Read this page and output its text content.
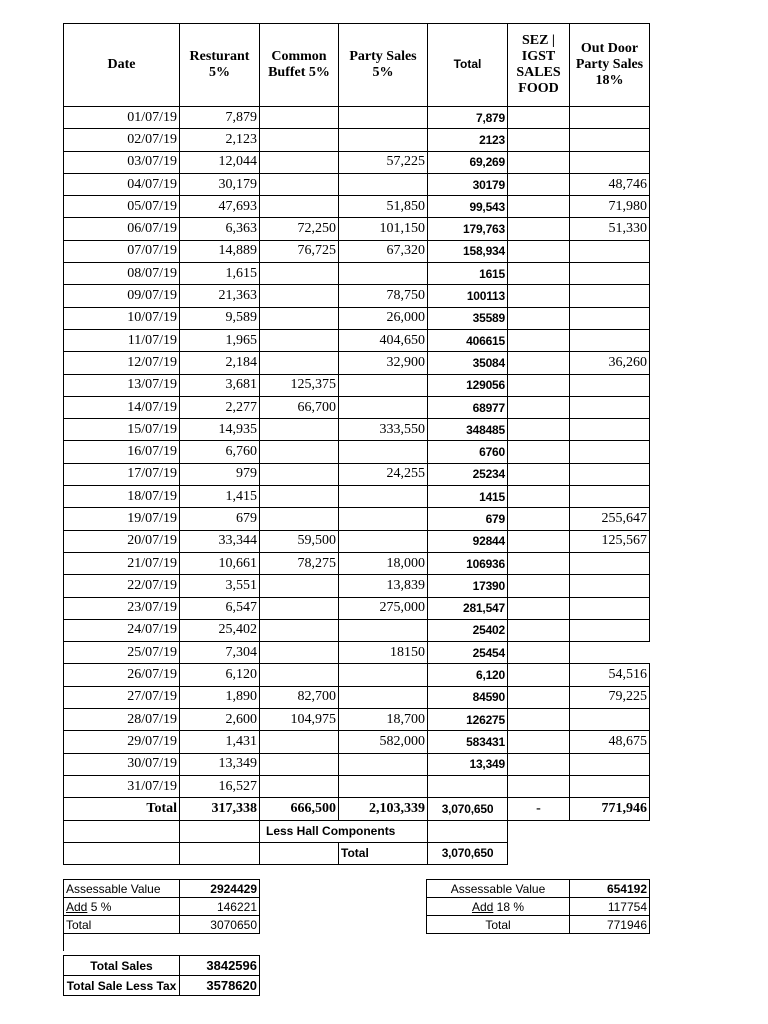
Date	Resturant 5%	Common Buffet 5%	Party Sales 5%	Total	SEZ | IGST SALES FOOD	Out Door Party Sales 18%
01/07/19	7,879			7,879		
02/07/19	2,123			2123		
03/07/19	12,044		57,225	69,269		
04/07/19	30,179			30179		48,746
05/07/19	47,693		51,850	99,543		71,980
06/07/19	6,363	72,250	101,150	179,763		51,330
07/07/19	14,889	76,725	67,320	158,934		
08/07/19	1,615			1615		
09/07/19	21,363		78,750	100113		
10/07/19	9,589		26,000	35589		
11/07/19	1,965		404,650	406615		
12/07/19	2,184		32,900	35084		36,260
13/07/19	3,681	125,375		129056		
14/07/19	2,277	66,700		68977		
15/07/19	14,935		333,550	348485		
16/07/19	6,760			6760		
17/07/19	979		24,255	25234		
18/07/19	1,415			1415		
19/07/19	679			679		255,647
20/07/19	33,344	59,500		92844		125,567
21/07/19	10,661	78,275	18,000	106936		
22/07/19	3,551		13,839	17390		
23/07/19	6,547		275,000	281,547		
24/07/19	25,402			25402		
25/07/19	7,304		18150	25454		
26/07/19	6,120			6,120		54,516
27/07/19	1,890	82,700		84590		79,225
28/07/19	2,600	104,975	18,700	126275		
29/07/19	1,431		582,000	583431		48,675
30/07/19	13,349			13,349		
31/07/19	16,527					
Total	317,338	666,500	2,103,339	3,070,650	-	771,946
		Less Hall Components				
			Total	3,070,650		
Assessable Value	2924429
Add 5 %	146221
Total	3070650

Assessable Value	654192
Add 18 %	117754
Total	771946
Total Sales	3842596
Total Sale Less Tax	3578620
